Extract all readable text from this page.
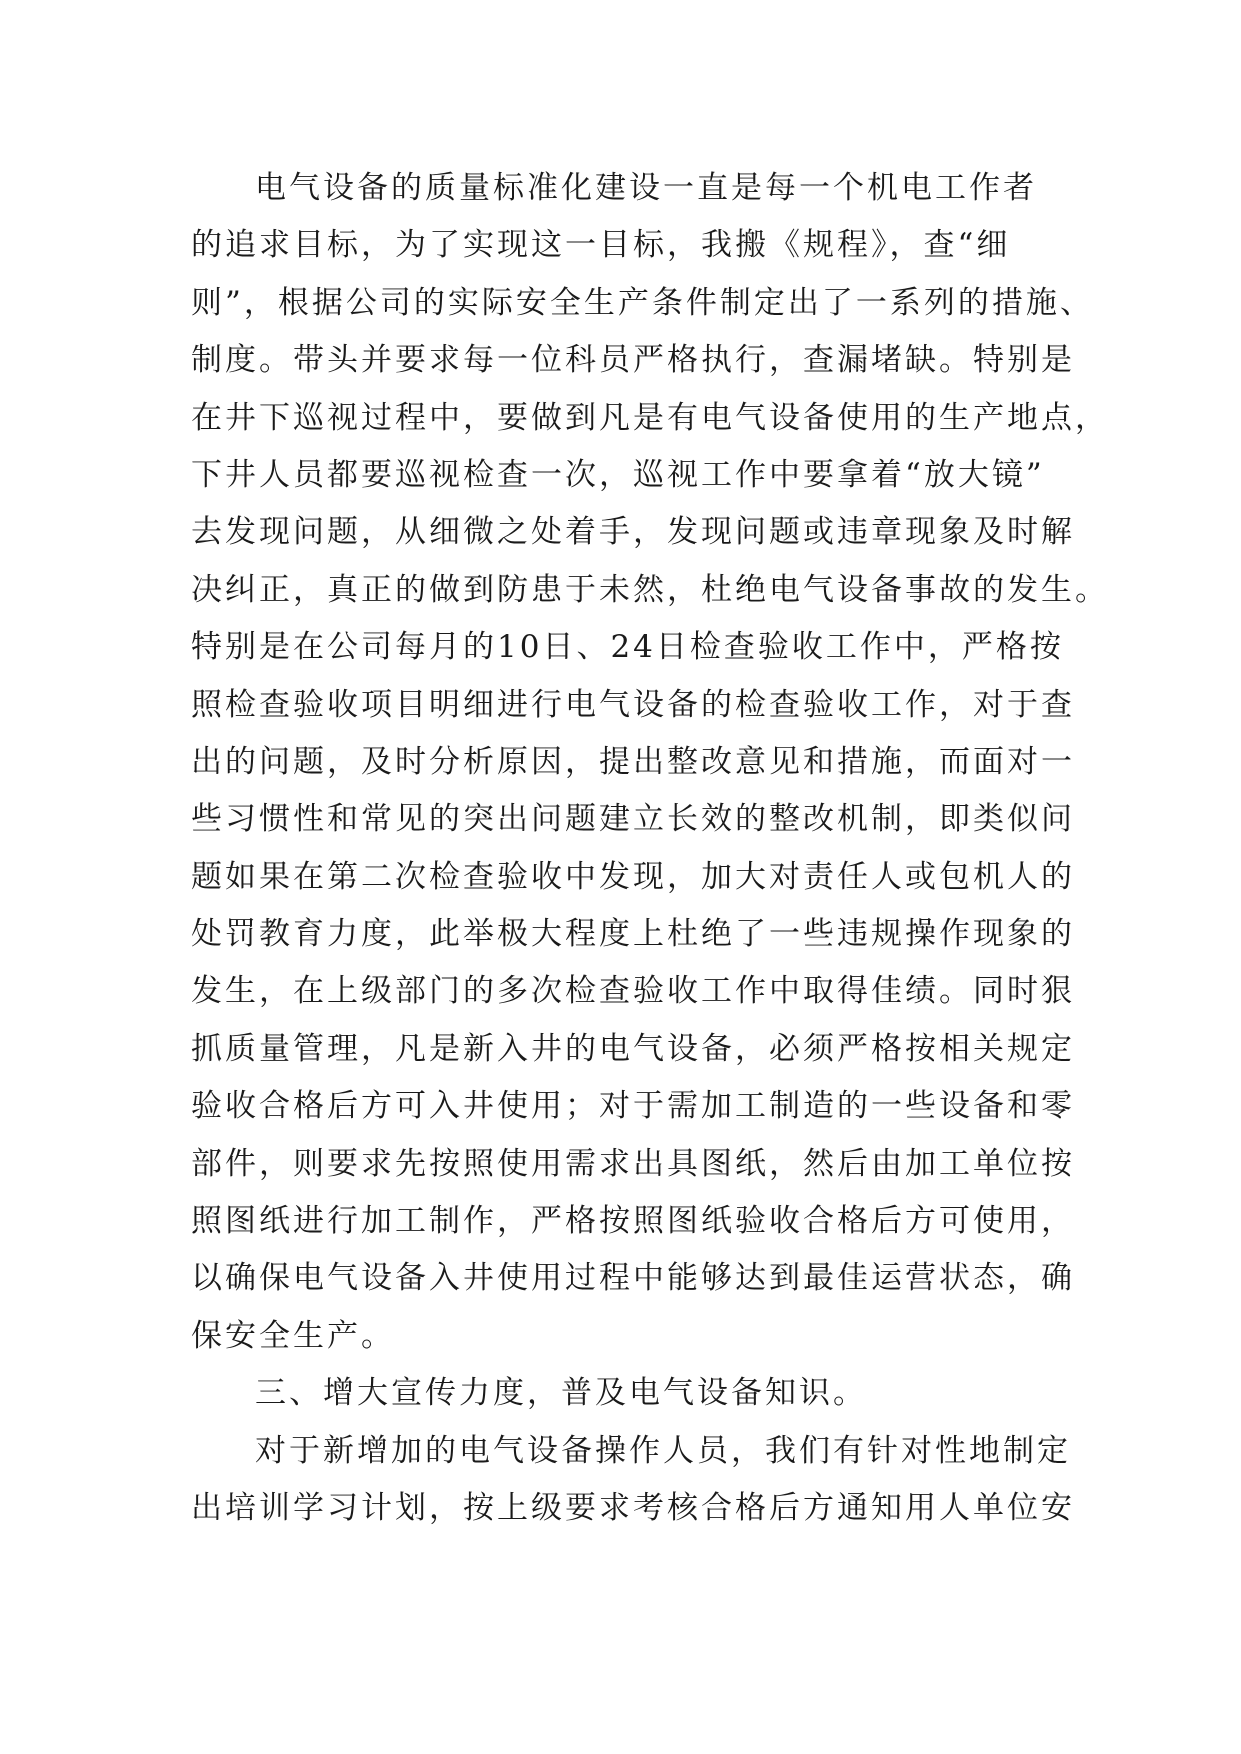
电气设备的质量标准化建设一直是每一个机电工作者
的追求目标，为了实现这一目标，我搬《规程》，查“细
则”，根据公司的实际安全生产条件制定出了一系列的措施、
制度。带头并要求每一位科员严格执行，查漏堵缺。特别是
在井下巡视过程中，要做到凡是有电气设备使用的生产地点，
下井人员都要巡视检查一次，巡视工作中要拿着“放大镜”
去发现问题，从细微之处着手，发现问题或违章现象及时解
决纠正，真正的做到防患于未然，杜绝电气设备事故的发生。
特别是在公司每月的10日、24日检查验收工作中，严格按
照检查验收项目明细进行电气设备的检查验收工作，对于查
出的问题，及时分析原因，提出整改意见和措施，而面对一
些习惯性和常见的突出问题建立长效的整改机制，即类似问
题如果在第二次检查验收中发现，加大对责任人或包机人的
处罚教育力度，此举极大程度上杜绝了一些违规操作现象的
发生，在上级部门的多次检查验收工作中取得佳绩。同时狠
抓质量管理，凡是新入井的电气设备，必须严格按相关规定
验收合格后方可入井使用；对于需加工制造的一些设备和零
部件，则要求先按照使用需求出具图纸，然后由加工单位按
照图纸进行加工制作，严格按照图纸验收合格后方可使用，
以确保电气设备入井使用过程中能够达到最佳运营状态，确
保安全生产。
三、增大宣传力度，普及电气设备知识。
对于新增加的电气设备操作人员，我们有针对性地制定
出培训学习计划，按上级要求考核合格后方通知用人单位安
